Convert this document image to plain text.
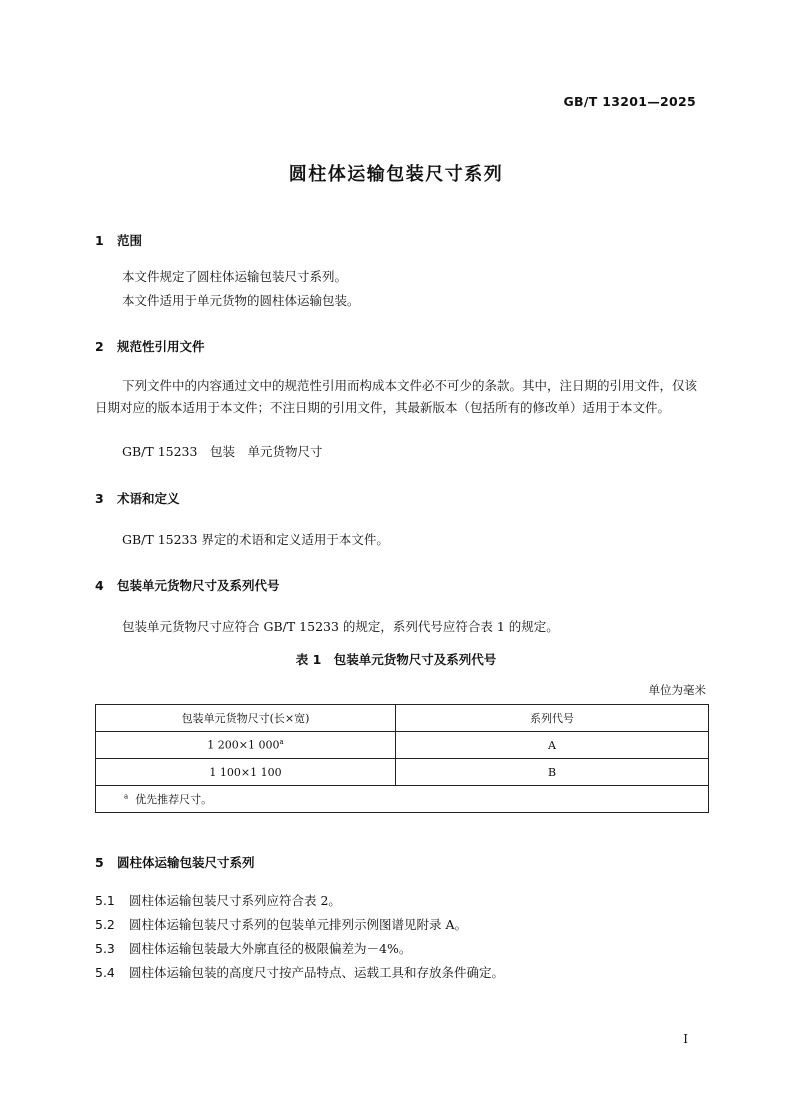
GB/T 13201—2025
圆柱体运输包装尺寸系列
1 范围
本文件规定了圆柱体运输包装尺寸系列。
本文件适用于单元货物的圆柱体运输包装。
2 规范性引用文件
下列文件中的内容通过文中的规范性引用而构成本文件必不可少的条款。其中，注日期的引用文件，仅该日期对应的版本适用于本文件；不注日期的引用文件，其最新版本（包括所有的修改单）适用于本文件。
GB/T 15233　包装　单元货物尺寸
3 术语和定义
GB/T 15233 界定的术语和定义适用于本文件。
4 包装单元货物尺寸及系列代号
包装单元货物尺寸应符合 GB/T 15233 的规定，系列代号应符合表 1 的规定。
表 1　包装单元货物尺寸及系列代号
单位为毫米
包装单元货物尺寸(长×宽)	系列代号
1 200×1 000$^a$	A
1 100×1 100	B
$^a$ 优先推荐尺寸。	
5 圆柱体运输包装尺寸系列
5.1 圆柱体运输包装尺寸系列应符合表 2。
5.2 圆柱体运输包装尺寸系列的包装单元排列示例图谱见附录 A。
5.3 圆柱体运输包装最大外廓直径的极限偏差为－4%。
5.4 圆柱体运输包装的高度尺寸按产品特点、运载工具和存放条件确定。
I
